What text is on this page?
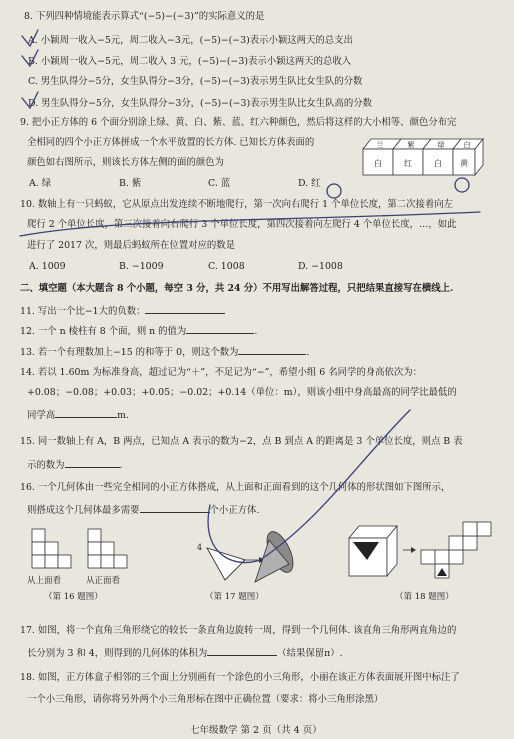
8. 下列四种情境能表示算式“(−5)−(−3)”的实际意义的是
A. 小颖周一收入−5元，周二收入−3元，(−5)−(−3)表示小颖这两天的总支出
B. 小颖周一收入−5元，周二收入 3 元，(−5)−(−3)表示小颖这两天的总收入
C. 男生队得分−5分，女生队得分−3分，(−5)−(−3)表示男生队比女生队的分数
D. 男生队得分−5分，女生队得分−3分，(−5)−(−3)表示男生队比女生队高的分数
9. 把小正方体的 6 个面分别涂上绿、黄、白、紫、蓝、红六种颜色，然后将这样的大小相等、颜色分布完
全相同的四个小正方体拼成一个水平放置的长方体. 已知长方体表面的
颜色如右图所示，则该长方体左侧的面的颜色为
A. 绿	B. 紫	C. 蓝	D. 红
兰	紫	绿	白
白	红	白 黄
10. 数轴上有一只蚂蚁，它从原点出发连续不断地爬行，第一次向右爬行 1 个单位长度，第二次接着向左
爬行 2 个单位长度，第三次接着向右爬行 3 个单位长度，第四次接着向左爬行 4 个单位长度，…，如此
进行了 2017 次，则最后蚂蚁所在位置对应的数是
A. 1009	B. −1009	C. 1008	D. −1008
二、填空题（本大题含 8 个小题，每空 3 分，共 24 分）不用写出解答过程，只把结果直接写在横线上.
11. 写出一个比−1大的负数：
12. 一个 n 棱柱有 8 个面，则 n 的值为	.
13. 若一个有理数加上−15 的和等于 0，则这个数为	.
14. 若以 1.60m 为标准身高，超过记为“＋”，不足记为“−”，希望小组 6 名同学的身高依次为：
+0.08；−0.08；+0.03；+0.05；−0.02；+0.14（单位：m），则该小组中身高最高的同学比最低的
同学高	m.
15. 同一数轴上有 A，B 两点，已知点 A 表示的数为−2，点 B 到点 A 的距离是 3 个单位长度，则点 B 表
示的数为	.
16. 一个几何体由一些完全相同的小正方体搭成，从上面和正面看到的这个几何体的形状图如下图所示，
则搭成这个几何体最多需要	个小正方体.
从上面看	从正面看
（第 16 题图）
4
（第 17 题图）	（第 18 题图）
17. 如图，将一个直角三角形绕它的较长一条直角边旋转一周，得到一个几何体. 该直角三角形两直角边的
长分别为 3 和 4，则得到的几何体的体积为	（结果保留π）.
18. 如图，正方体盒子相邻的三个面上分别画有一个涂色的小三角形，小丽在该正方体表面展开图中标注了
一个小三角形，请你将另外两个小三角形标在图中正确位置（要求：将小三角形涂黑）
七年级数学 第 2 页（共 4 页）
